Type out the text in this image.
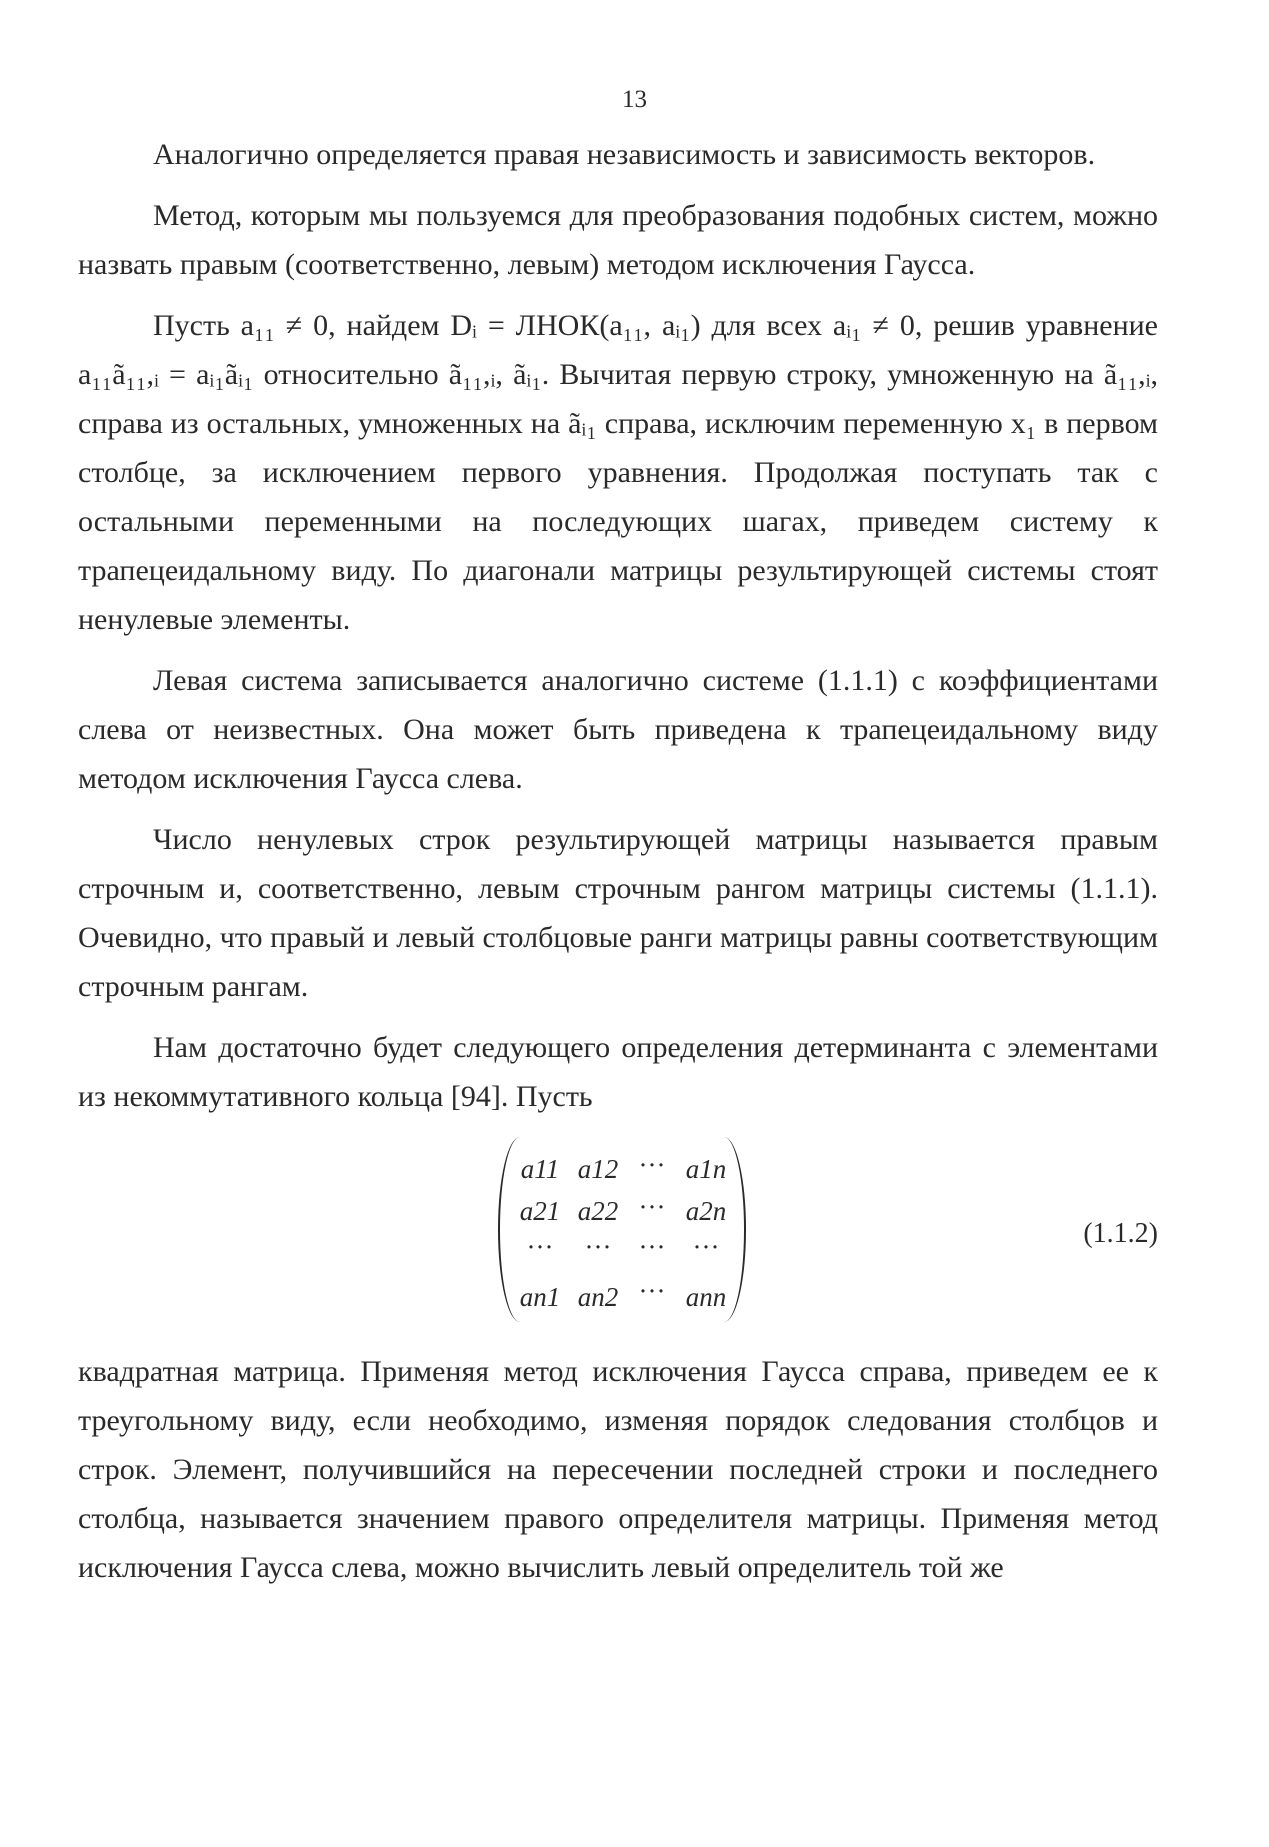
13

Аналогично определяется правая независимость и зависимость векторов.

Метод, которым мы пользуемся для преобразования подобных систем, можно назвать правым (соответственно, левым) методом исключения Гаусса.

Пусть a₁₁ ≠ 0, найдем Dᵢ = ЛНОК(a₁₁, aᵢ₁) для всех aᵢ₁ ≠ 0, решив уравнение a₁₁ã₁₁,ᵢ = aᵢ₁ãᵢ₁ относительно ã₁₁,ᵢ, ãᵢ₁. Вычитая первую строку, умноженную на ã₁₁,ᵢ, справа из остальных, умноженных на ãᵢ₁ справа, исключим переменную x₁ в первом столбце, за исключением первого уравнения. Продолжая поступать так с остальными переменными на последующих шагах, приведем систему к трапецеидальному виду. По диагонали матрицы результирующей системы стоят ненулевые элементы.

Левая система записывается аналогично системе (1.1.1) с коэффициентами слева от неизвестных. Она может быть приведена к трапецеидальному виду методом исключения Гаусса слева.

Число ненулевых строк результирующей матрицы называется правым строчным и, соответственно, левым строчным рангом матрицы системы (1.1.1). Очевидно, что правый и левый столбцовые ранги матрицы равны соответствующим строчным рангам.

Нам достаточно будет следующего определения детерминанта с элементами из некоммутативного кольца [94]. Пусть

a11 a12 ··· a1n
a21 a22 ··· a2n
···	···	···	···
an1 an2 ··· ann
(1.1.2)

квадратная матрица. Применяя метод исключения Гаусса справа, приведем ее к треугольному виду, если необходимо, изменяя порядок следования столбцов и строк. Элемент, получившийся на пересечении последней строки и последнего столбца, называется значением правого определителя матрицы. Применяя метод исключения Гаусса слева, можно вычислить левый определитель той же
